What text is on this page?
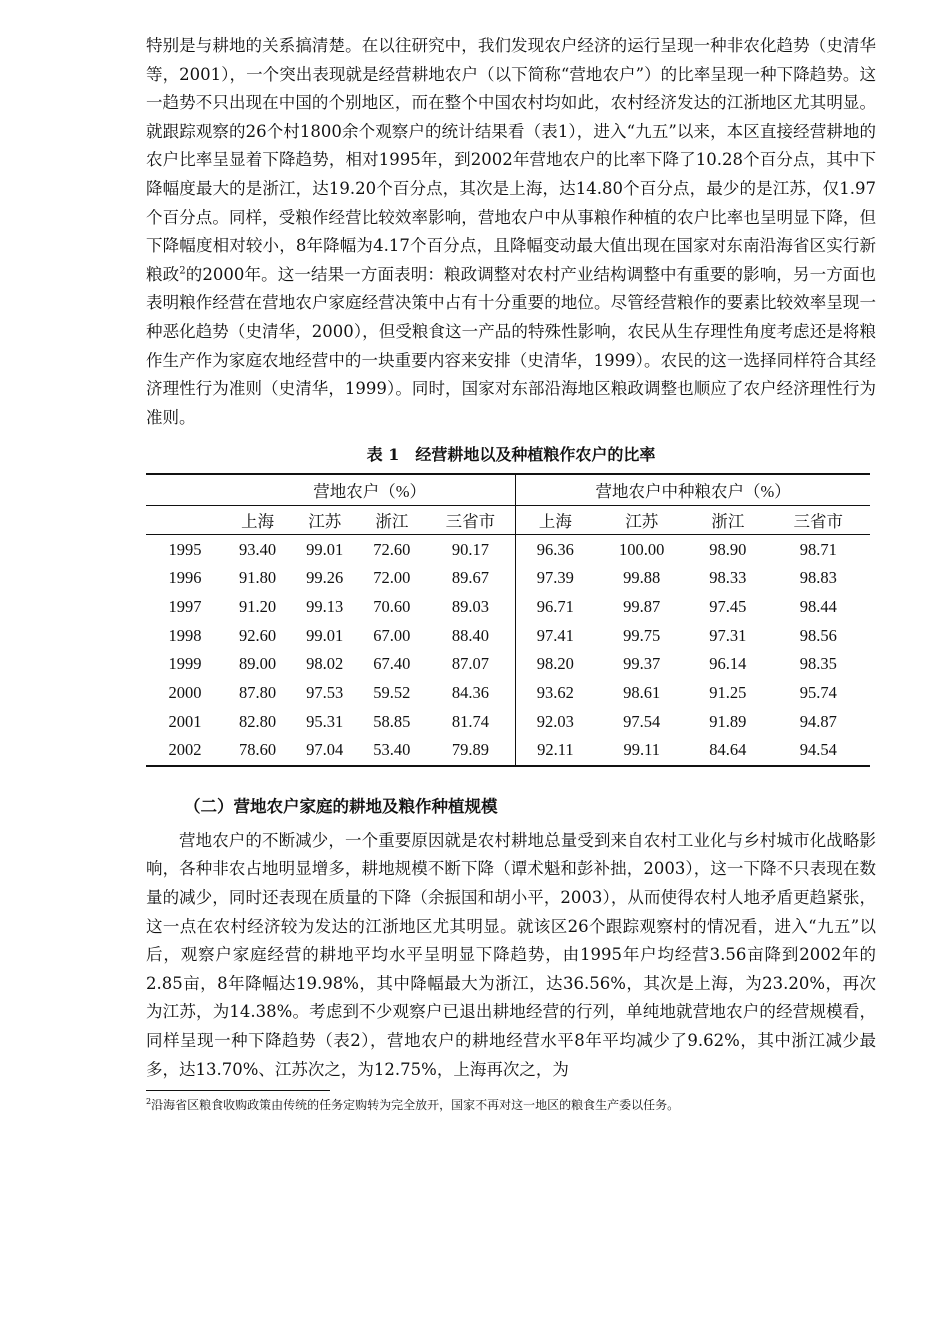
特别是与耕地的关系搞清楚。在以往研究中，我们发现农户经济的运行呈现一种非农化趋势（史清华等，2001），一个突出表现就是经营耕地农户（以下简称“营地农户”）的比率呈现一种下降趋势。这一趋势不只出现在中国的个别地区，而在整个中国农村均如此，农村经济发达的江浙地区尤其明显。就跟踪观察的26个村1800余个观察户的统计结果看（表1），进入“九五”以来，本区直接经营耕地的农户比率呈显着下降趋势，相对1995年，到2002年营地农户的比率下降了10.28个百分点，其中下降幅度最大的是浙江，达19.20个百分点，其次是上海，达14.80个百分点，最少的是江苏，仅1.97个百分点。同样，受粮作经营比较效率影响，营地农户中从事粮作种植的农户比率也呈明显下降，但下降幅度相对较小，8年降幅为4.17个百分点，且降幅变动最大值出现在国家对东南沿海省区实行新粮政$^2$的2000年。这一结果一方面表明：粮政调整对农村产业结构调整中有重要的影响，另一方面也表明粮作经营在营地农户家庭经营决策中占有十分重要的地位。尽管经营粮作的要素比较效率呈现一种恶化趋势（史清华，2000），但受粮食这一产品的特殊性影响，农民从生存理性角度考虑还是将粮作生产作为家庭农地经营中的一块重要内容来安排（史清华，1999）。农民的这一选择同样符合其经济理性行为准则（史清华，1999）。同时，国家对东部沿海地区粮政调整也顺应了农户经济理性行为准则。

表 1　经营耕地以及种植粮作农户的比率
	营地农户（%）				营地农户中种粮农户（%）			
	上海	江苏	浙江	三省市	上海	江苏	浙江	三省市
1995	93.40	99.01	72.60	90.17	96.36	100.00	98.90	98.71
1996	91.80	99.26	72.00	89.67	97.39	99.88	98.33	98.83
1997	91.20	99.13	70.60	89.03	96.71	99.87	97.45	98.44
1998	92.60	99.01	67.00	88.40	97.41	99.75	97.31	98.56
1999	89.00	98.02	67.40	87.07	98.20	99.37	96.14	98.35
2000	87.80	97.53	59.52	84.36	93.62	98.61	91.25	95.74
2001	82.80	95.31	58.85	81.74	92.03	97.54	91.89	94.87
2002	78.60	97.04	53.40	79.89	92.11	99.11	84.64	94.54
（二）营地农户家庭的耕地及粮作种植规模

营地农户的不断减少，一个重要原因就是农村耕地总量受到来自农村工业化与乡村城市化战略影响，各种非农占地明显增多，耕地规模不断下降（谭术魁和彭补拙，2003），这一下降不只表现在数量的减少，同时还表现在质量的下降（余振国和胡小平，2003），从而使得农村人地矛盾更趋紧张，这一点在农村经济较为发达的江浙地区尤其明显。就该区26个跟踪观察村的情况看，进入“九五”以后，观察户家庭经营的耕地平均水平呈明显下降趋势，由1995年户均经营3.56亩降到2002年的2.85亩，8年降幅达19.98%，其中降幅最大为浙江，达36.56%，其次是上海，为23.20%，再次为江苏，为14.38%。考虑到不少观察户已退出耕地经营的行列，单纯地就营地农户的经营规模看，同样呈现一种下降趋势（表2），营地农户的耕地经营水平8年平均减少了9.62%，其中浙江减少最多，达13.70%、江苏次之，为12.75%，上海再次之，为

$^2$沿海省区粮食收购政策由传统的任务定购转为完全放开，国家不再对这一地区的粮食生产委以任务。
